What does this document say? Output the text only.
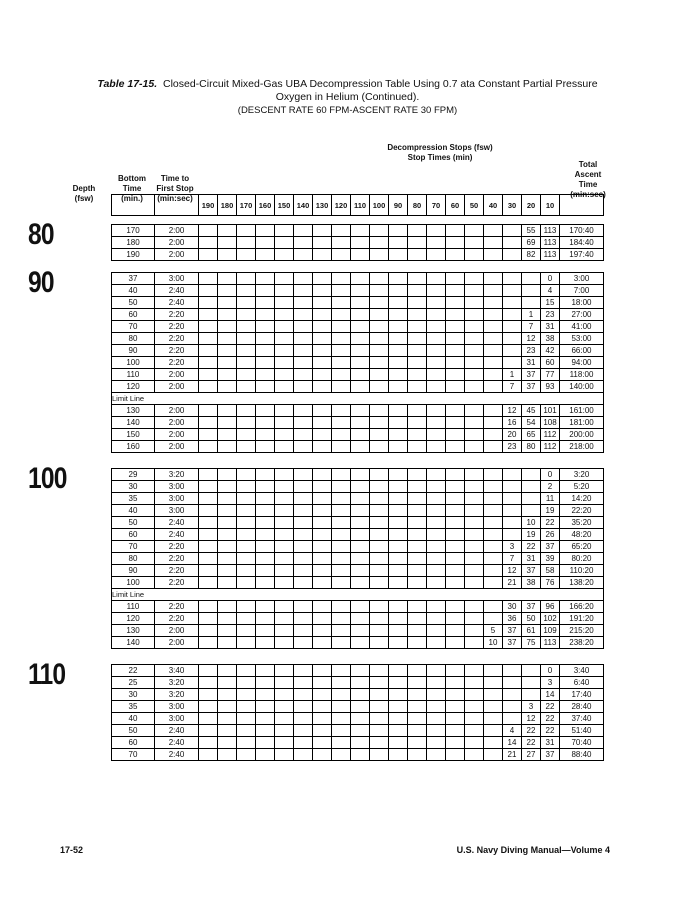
Table 17-15. Closed-Circuit Mixed-Gas UBA Decompression Table Using 0.7 ata Constant Partial Pressure
Oxygen in Helium (Continued).
(DESCENT RATE 60 FPM-ASCENT RATE 30 FPM)
Depth
(fsw)
Bottom
Time
(min.)
Time to
First Stop
(min:sec)
Decompression Stops (fsw)
Stop Times (min)
Total
Ascent
Time
(min:sec)
		190	180	170	160	150	140	130	120	110	100	90	80	70	60	50	40	30	20	10	
80	170	2:00																		55	113	170:40
180	2:00																		69	113	184:40
190	2:00																		82	113	197:40
90	37	3:00																			0	3:00
40	2:40																			4	7:00
50	2:40																			15	18:00
60	2:20																		1	23	27:00
70	2:20																		7	31	41:00
80	2:20																		12	38	53:00
90	2:20																		23	42	66:00
100	2:20																		31	60	94:00
110	2:00																	1	37	77	118:00
120	2:00																	7	37	93	140:00
Limit Line																					
130	2:00																	12	45	101	161:00
140	2:00																	16	54	108	181:00
150	2:00																	20	65	112	200:00
160	2:00																	23	80	112	218:00
100	29	3:20																			0	3:20
30	3:00																			2	5:20
35	3:00																			11	14:20
40	3:00																			19	22:20
50	2:40																		10	22	35:20
60	2:40																		19	26	48:20
70	2:20																	3	22	37	65:20
80	2:20																	7	31	39	80:20
90	2:20																	12	37	58	110:20
100	2:20																	21	38	76	138:20
Limit Line																					
110	2:20																	30	37	96	166:20
120	2:20																	36	50	102	191:20
130	2:00																5	37	61	109	215:20
140	2:00																10	37	75	113	238:20
110	22	3:40																			0	3:40
25	3:20																			3	6:40
30	3:20																			14	17:40
35	3:00																		3	22	28:40
40	3:00																		12	22	37:40
50	2:40																	4	22	22	51:40
60	2:40																	14	22	31	70:40
70	2:40																	21	27	37	88:40
17-52	U.S. Navy Diving Manual—Volume 4
